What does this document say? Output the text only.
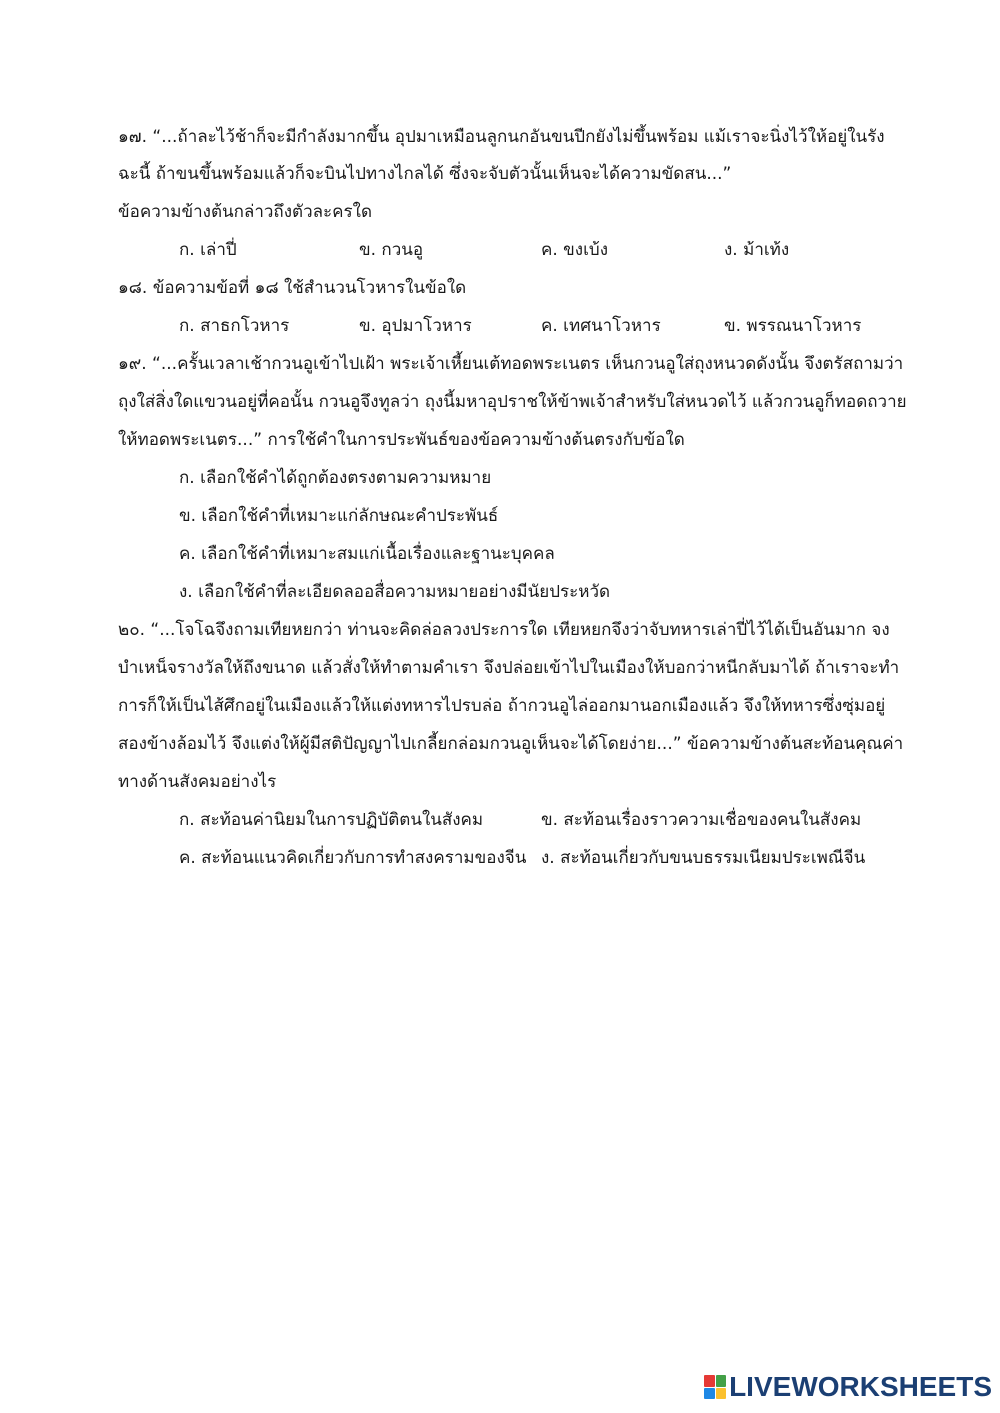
๑๗. “...ถ้าละไว้ช้าก็จะมีกำลังมากขึ้น อุปมาเหมือนลูกนกอันขนปีกยังไม่ขึ้นพร้อม แม้เราจะนิ่งไว้ให้อยู่ในรัง
ฉะนี้ ถ้าขนขึ้นพร้อมแล้วก็จะบินไปทางไกลได้ ซึ่งจะจับตัวนั้นเห็นจะได้ความขัดสน...”
ข้อความข้างต้นกล่าวถึงตัวละครใด
ก. เล่าปี่	ข. กวนอู	ค. ขงเบ้ง	ง. ม้าเท้ง
๑๘. ข้อความข้อที่ ๑๘ ใช้สำนวนโวหารในข้อใด
ก. สาธกโวหาร	ข. อุปมาโวหาร	ค. เทศนาโวหาร	ข. พรรณนาโวหาร
๑๙. “...ครั้นเวลาเช้ากวนอูเข้าไปเฝ้า พระเจ้าเหี้ยนเต้ทอดพระเนตร เห็นกวนอูใส่ถุงหนวดดังนั้น จึงตรัสถามว่า
ถุงใส่สิ่งใดแขวนอยู่ที่คอนั้น กวนอูจึงทูลว่า ถุงนี้มหาอุปราชให้ข้าพเจ้าสำหรับใส่หนวดไว้ แล้วกวนอูก็ทอดถวาย
ให้ทอดพระเนตร...” การใช้คำในการประพันธ์ของข้อความข้างต้นตรงกับข้อใด
ก. เลือกใช้คำได้ถูกต้องตรงตามความหมาย
ข. เลือกใช้คำที่เหมาะแก่ลักษณะคำประพันธ์
ค. เลือกใช้คำที่เหมาะสมแก่เนื้อเรื่องและฐานะบุคคล
ง. เลือกใช้คำที่ละเอียดลออสื่อความหมายอย่างมีนัยประหวัด
๒๐. “...โจโฉจึงถามเทียหยกว่า ท่านจะคิดล่อลวงประการใด เทียหยกจึงว่าจับทหารเล่าปี่ไว้ได้เป็นอันมาก จง
บำเหน็จรางวัลให้ถึงขนาด แล้วสั่งให้ทำตามคำเรา จึงปล่อยเข้าไปในเมืองให้บอกว่าหนีกลับมาได้ ถ้าเราจะทำ
การก็ให้เป็นไส้ศึกอยู่ในเมืองแล้วให้แต่งทหารไปรบล่อ ถ้ากวนอูไล่ออกมานอกเมืองแล้ว จึงให้ทหารซึ่งซุ่มอยู่
สองข้างล้อมไว้ จึงแต่งให้ผู้มีสติปัญญาไปเกลี้ยกล่อมกวนอูเห็นจะได้โดยง่าย...” ข้อความข้างต้นสะท้อนคุณค่า
ทางด้านสังคมอย่างไร
ก. สะท้อนค่านิยมในการปฏิบัติตนในสังคม	ข. สะท้อนเรื่องราวความเชื่อของคนในสังคม
ค. สะท้อนแนวคิดเกี่ยวกับการทำสงครามของจีน ง. สะท้อนเกี่ยวกับขนบธรรมเนียมประเพณีจีน
LIVEWORKSHEETS
